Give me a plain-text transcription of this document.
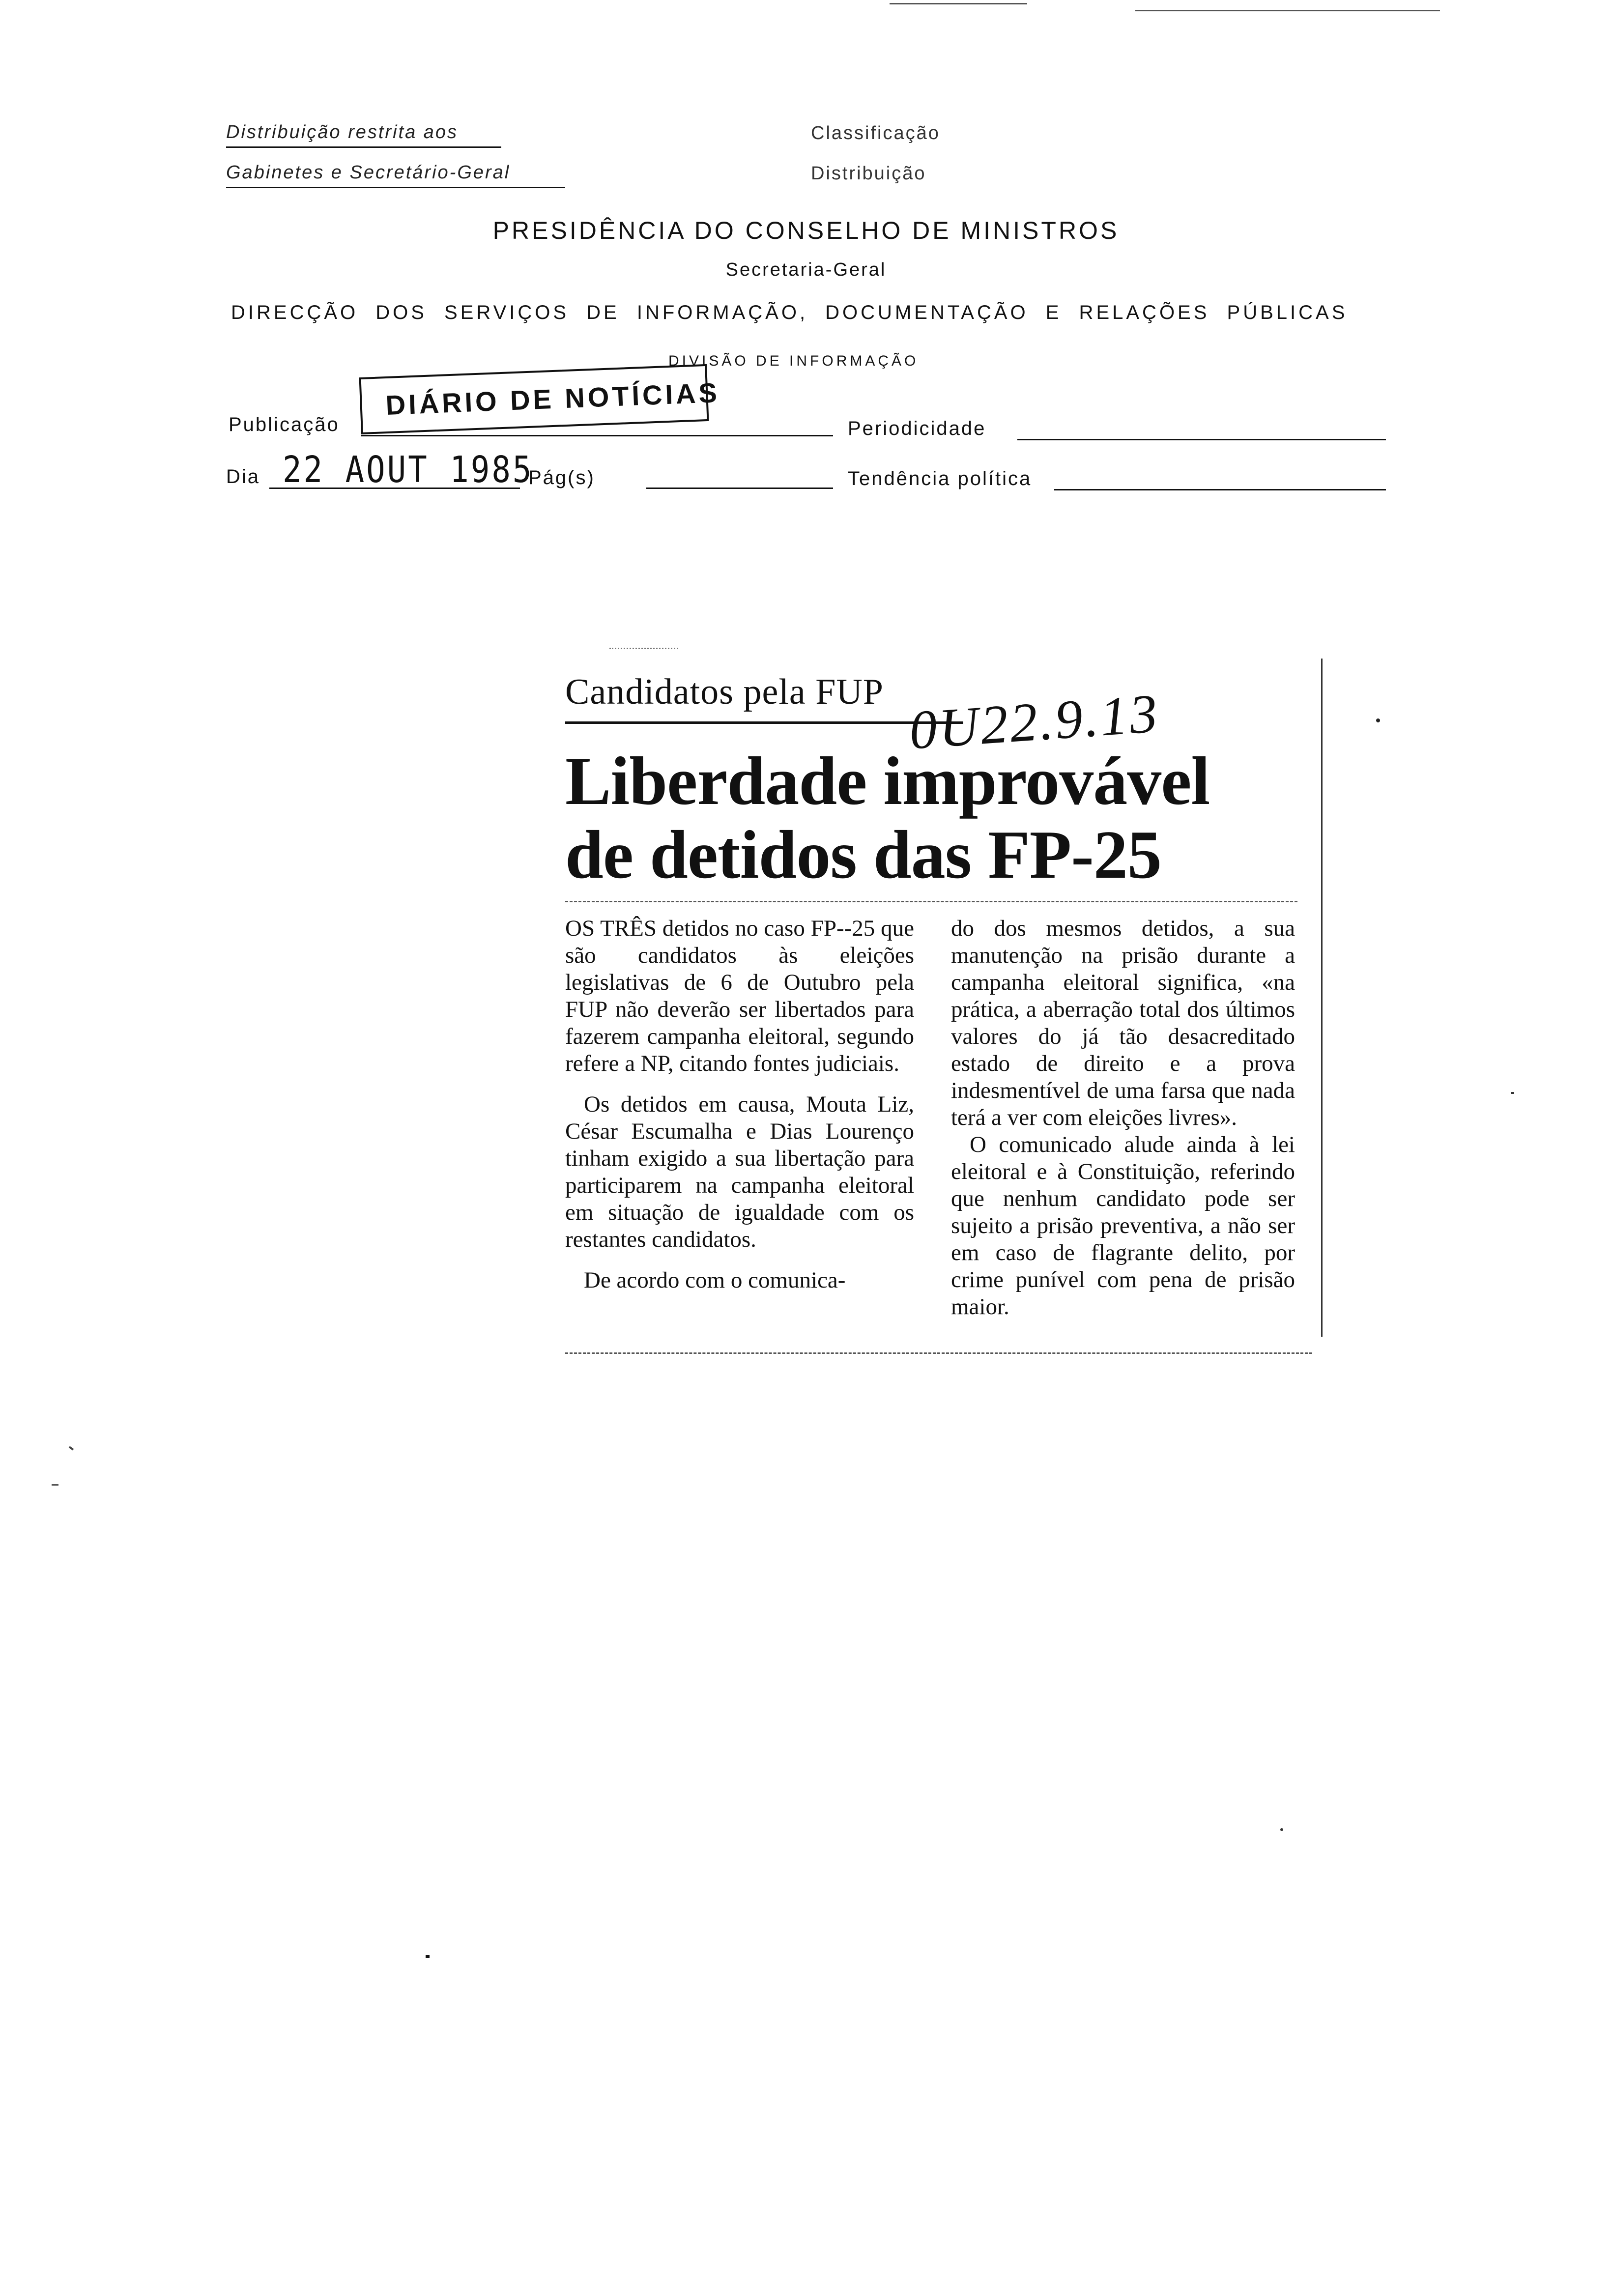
Distribuição restrita aos
Gabinetes e Secretário-Geral
Classificação
Distribuição
PRESIDÊNCIA DO CONSELHO DE MINISTROS
Secretaria-Geral
DIRECÇÃO DOS SERVIÇOS DE INFORMAÇÃO, DOCUMENTAÇÃO E RELAÇÕES PÚBLICAS
DIVISÃO DE INFORMAÇÃO
Publicação
DIÁRIO DE NOTÍCIAS
Periodicidade
Dia 22 AOUT 1985
Pág(s)	Tendência política
Candidatos pela FUP 0U22.9.13
Liberdade improvável
de detidos das FP-25

OS TRÊS detidos no caso FP--25 que são candidatos às eleições legislativas de 6 de Outubro pela FUP não deverão ser libertados para fazerem campanha eleitoral, segundo refere a NP, citando fontes judiciais.

Os detidos em causa, Mouta Liz, César Escumalha e Dias Lourenço tinham exigido a sua libertação para participarem na campanha eleitoral em situação de igualdade com os restantes candidatos.

De acordo com o comunica-

do dos mesmos detidos, a sua manutenção na prisão durante a campanha eleitoral significa, «na prática, a aberração total dos últimos valores do já tão desacreditado estado de direito e a prova indesmentível de uma farsa que nada terá a ver com eleições livres».

O comunicado alude ainda à lei eleitoral e à Constituição, referindo que nenhum candidato pode ser sujeito a prisão preventiva, a não ser em caso de flagrante delito, por crime punível com pena de prisão maior.
